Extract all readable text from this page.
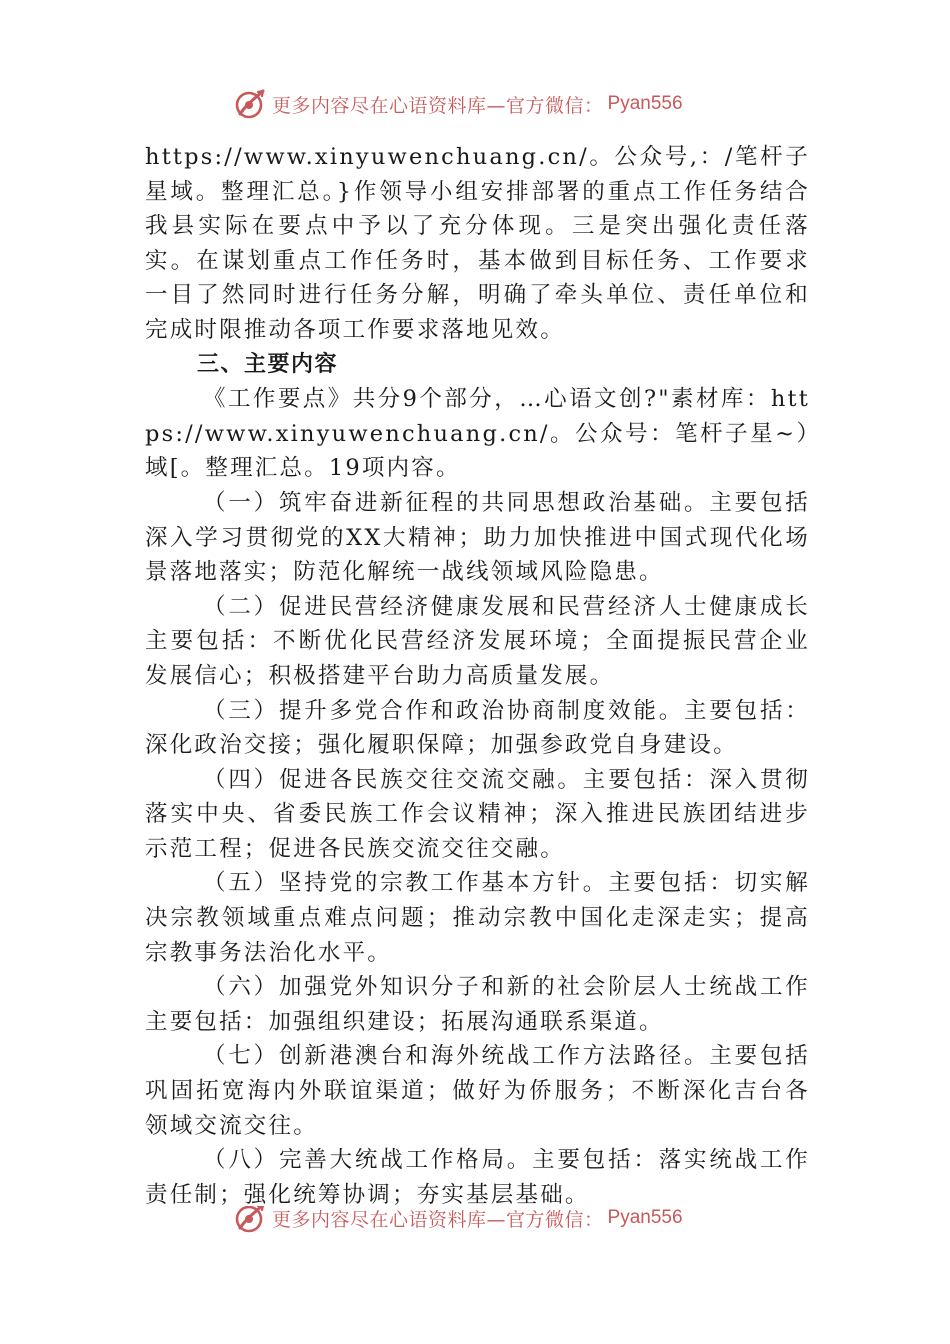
更多内容尽在心语资料库—官方微信： Pyan556

https://www.xinyuwenchuang.cn/。公众号,：/笔杆子星域。整理汇总。}作领导小组安排部署的重点工作任务结合我县实际在要点中予以了充分体现。三是突出强化责任落实。在谋划重点工作任务时，基本做到目标任务、工作要求一目了然同时进行任务分解，明确了牵头单位、责任单位和完成时限推动各项工作要求落地见效。

三、主要内容

《工作要点》共分9个部分，…心语文创?"素材库：https://www.xinyuwenchuang.cn/。公众号：笔杆子星~）域[。整理汇总。19项内容。

（一）筑牢奋进新征程的共同思想政治基础。主要包括深入学习贯彻党的XX大精神；助力加快推进中国式现代化场景落地落实；防范化解统一战线领域风险隐患。

（二）促进民营经济健康发展和民营经济人士健康成长主要包括：不断优化民营经济发展环境；全面提振民营企业发展信心；积极搭建平台助力高质量发展。

（三）提升多党合作和政治协商制度效能。主要包括：深化政治交接；强化履职保障；加强参政党自身建设。

（四）促进各民族交往交流交融。主要包括：深入贯彻落实中央、省委民族工作会议精神；深入推进民族团结进步示范工程；促进各民族交流交往交融。

（五）坚持党的宗教工作基本方针。主要包括：切实解决宗教领域重点难点问题；推动宗教中国化走深走实；提高宗教事务法治化水平。

（六）加强党外知识分子和新的社会阶层人士统战工作主要包括：加强组织建设；拓展沟通联系渠道。

（七）创新港澳台和海外统战工作方法路径。主要包括巩固拓宽海内外联谊渠道；做好为侨服务；不断深化吉台各领域交流交往。

（八）完善大统战工作格局。主要包括：落实统战工作责任制；强化统筹协调；夯实基层基础。

更多内容尽在心语资料库—官方微信： Pyan556
